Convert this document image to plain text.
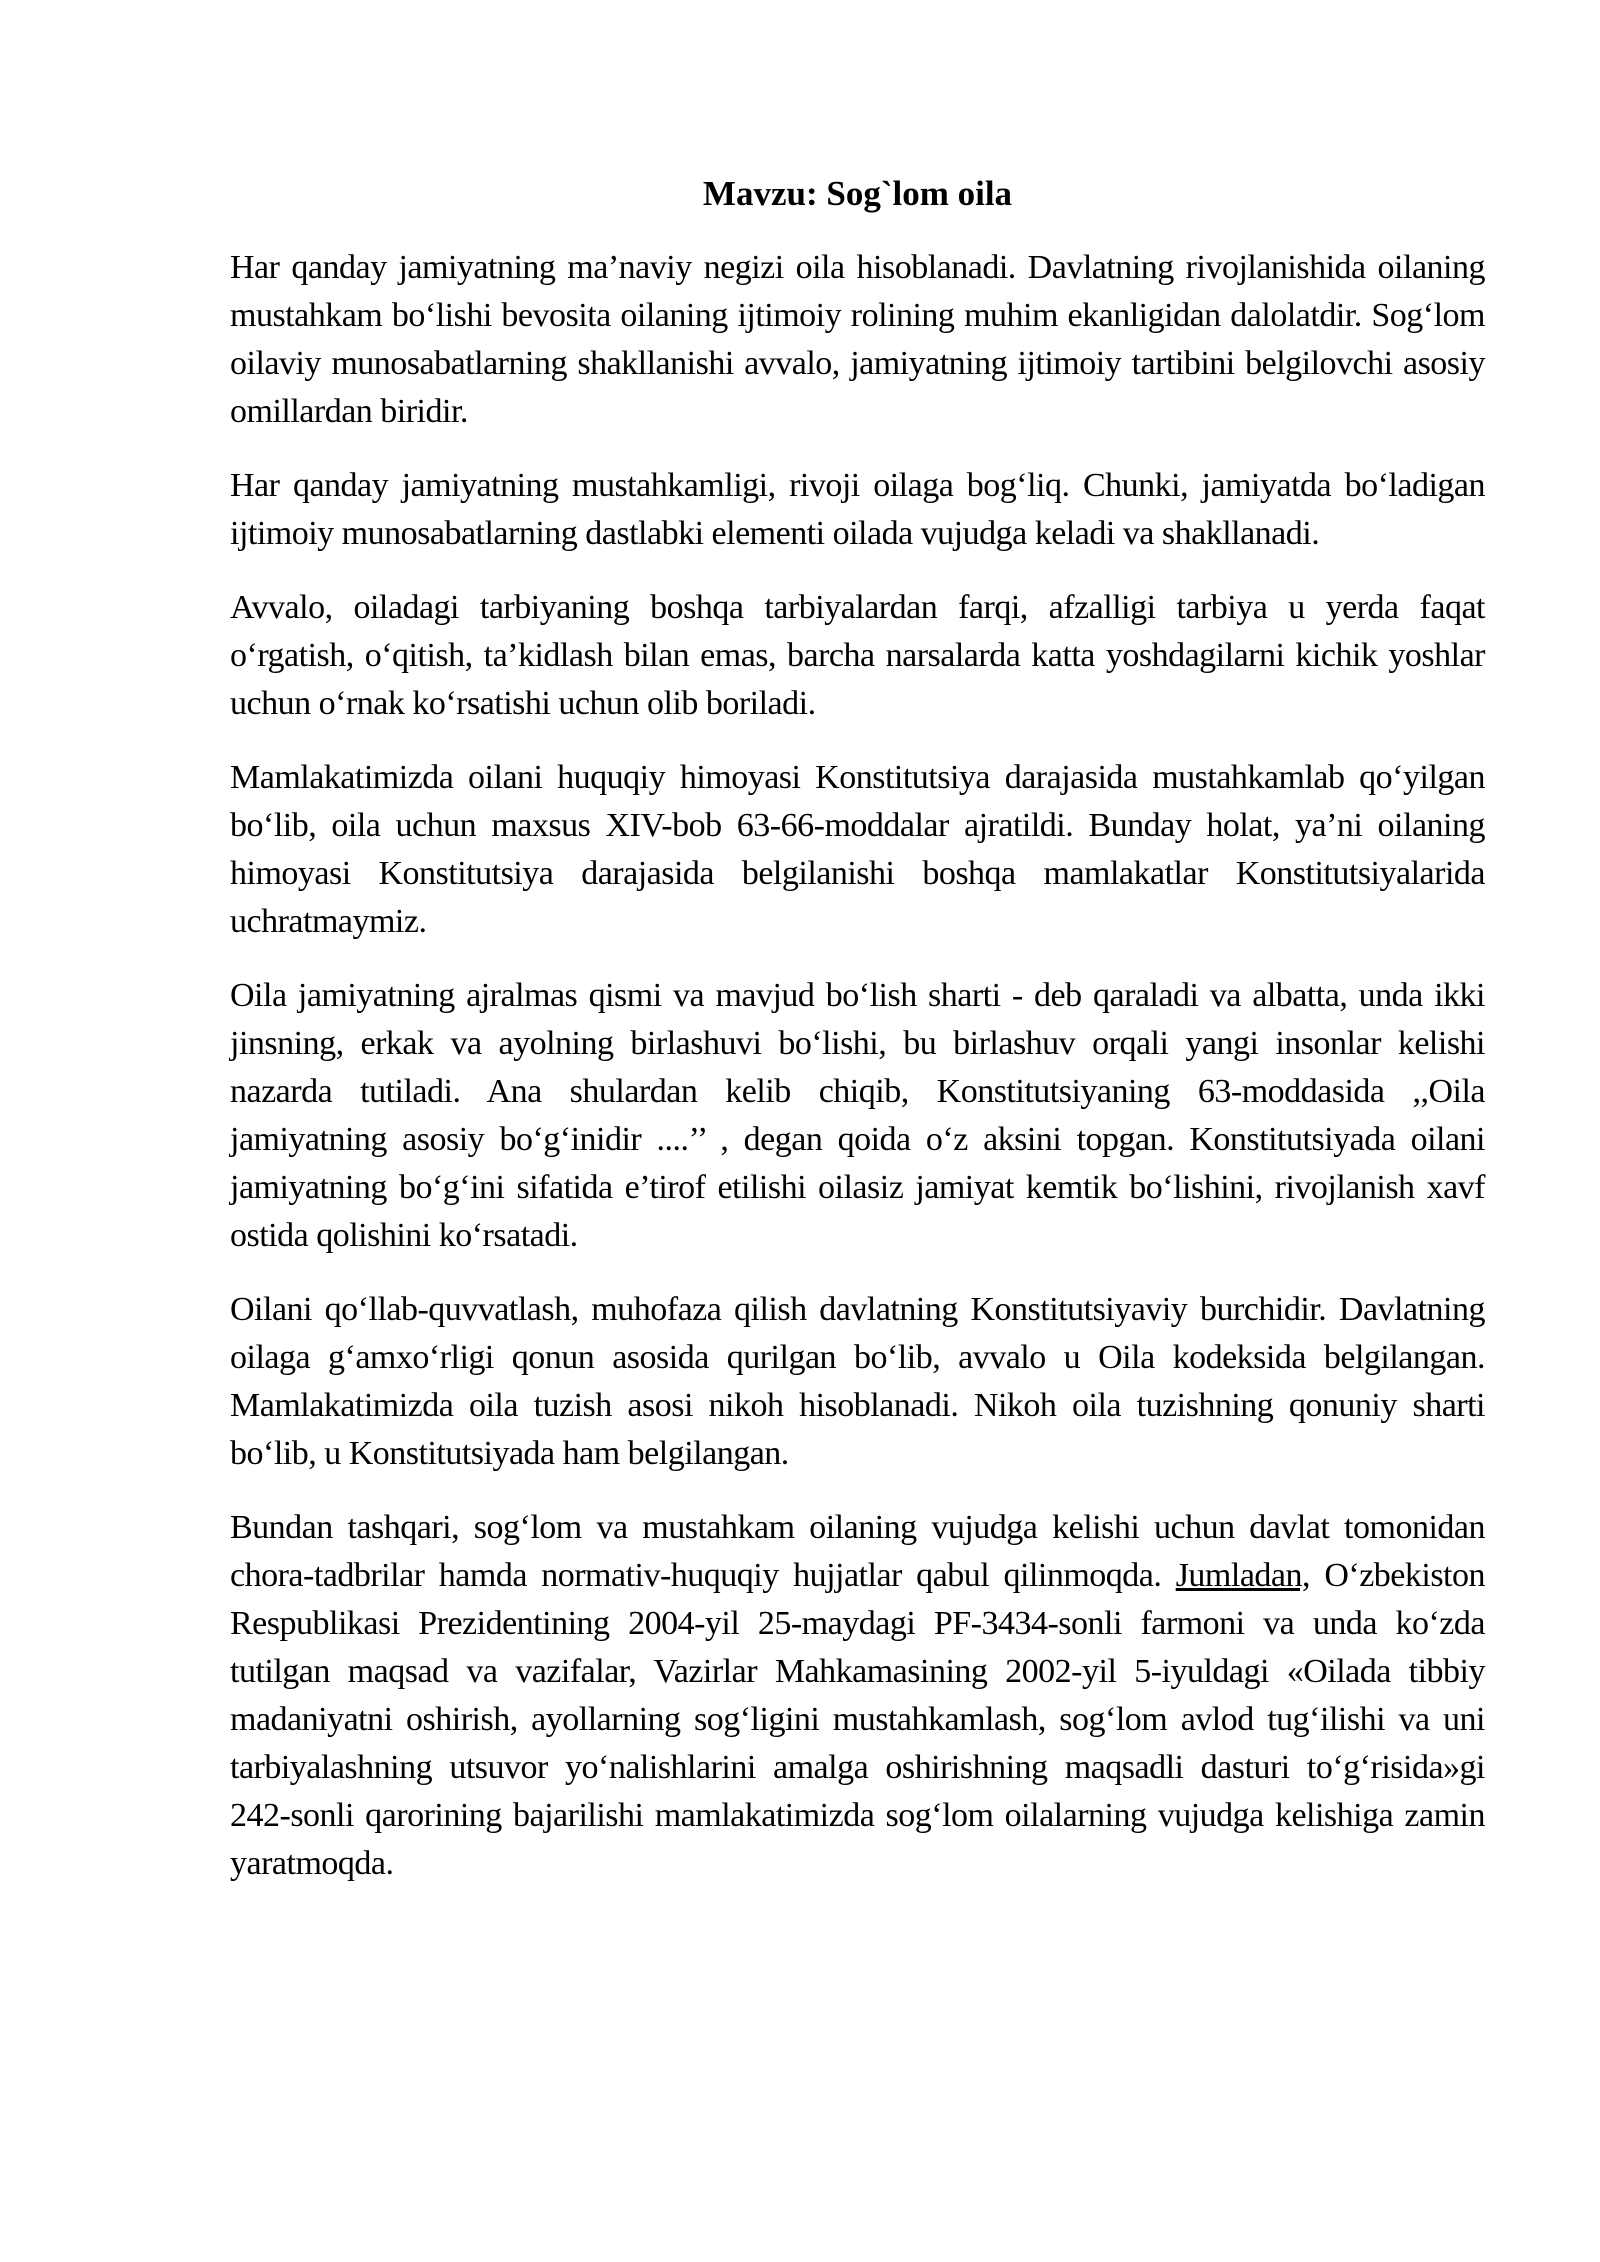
Mavzu: Sog`lom oila

Har qanday jamiyatning ma’naviy negizi oila hisoblanadi. Davlatning rivojlanishida oilaning mustahkam bo‘lishi bevosita oilaning ijtimoiy rolining muhim ekanligidan dalolatdir. Sog‘lom oilaviy munosabatlarning shakllanishi avvalo, jamiyatning ijtimoiy tartibini belgilovchi asosiy omillardan biridir.

Har qanday jamiyatning mustahkamligi, rivoji oilaga bog‘liq. Chunki, jamiyatda bo‘ladigan ijtimoiy munosabatlarning dastlabki elementi oilada vujudga keladi va shakllanadi.

Avvalo, oiladagi tarbiyaning boshqa tarbiyalardan farqi, afzalligi tarbiya u yerda faqat o‘rgatish, o‘qitish, ta’kidlash bilan emas, barcha narsalarda katta yoshdagilarni kichik yoshlar uchun o‘rnak ko‘rsatishi uchun olib boriladi.

Mamlakatimizda oilani huquqiy himoyasi Konstitutsiya darajasida mustahkamlab qo‘yilgan bo‘lib, oila uchun maxsus XIV-bob 63-66-moddalar ajratildi. Bunday holat, ya’ni oilaning himoyasi Konstitutsiya darajasida belgilanishi boshqa mamlakatlar Konstitutsiyalarida uchratmaymiz.

Oila jamiyatning ajralmas qismi va mavjud bo‘lish sharti - deb qaraladi va albatta, unda ikki jinsning, erkak va ayolning birlashuvi bo‘lishi, bu birlashuv orqali yangi insonlar kelishi nazarda tutiladi. Ana shulardan kelib chiqib, Konstitutsiyaning 63-moddasida ,,Oila jamiyatning asosiy bo‘g‘inidir ....’’ , degan qoida o‘z aksini topgan. Konstitutsiyada oilani jamiyatning bo‘g‘ini sifatida e’tirof etilishi oilasiz jamiyat kemtik bo‘lishini, rivojlanish xavf ostida qolishini ko‘rsatadi.

Oilani qo‘llab-quvvatlash, muhofaza qilish davlatning Konstitutsiyaviy burchidir. Davlatning oilaga g‘amxo‘rligi qonun asosida qurilgan bo‘lib, avvalo u Oila kodeksida belgilangan. Mamlakatimizda oila tuzish asosi nikoh hisoblanadi. Nikoh oila tuzishning qonuniy sharti bo‘lib, u Konstitutsiyada ham belgilangan.

Bundan tashqari, sog‘lom va mustahkam oilaning vujudga kelishi uchun davlat tomonidan chora-tadbrilar hamda normativ-huquqiy hujjatlar qabul qilinmoqda. Jumladan, O‘zbekiston Respublikasi Prezidentining 2004-yil 25-maydagi PF-3434-sonli farmoni va unda ko‘zda tutilgan maqsad va vazifalar, Vazirlar Mahkamasining 2002-yil 5-iyuldagi «Oilada tibbiy madaniyatni oshirish, ayollarning sog‘ligini mustahkamlash, sog‘lom avlod tug‘ilishi va uni tarbiyalashning utsuvor yo‘nalishlarini amalga oshirishning maqsadli dasturi to‘g‘risida»gi 242-sonli qarorining bajarilishi mamlakatimizda sog‘lom oilalarning vujudga kelishiga zamin yaratmoqda.
